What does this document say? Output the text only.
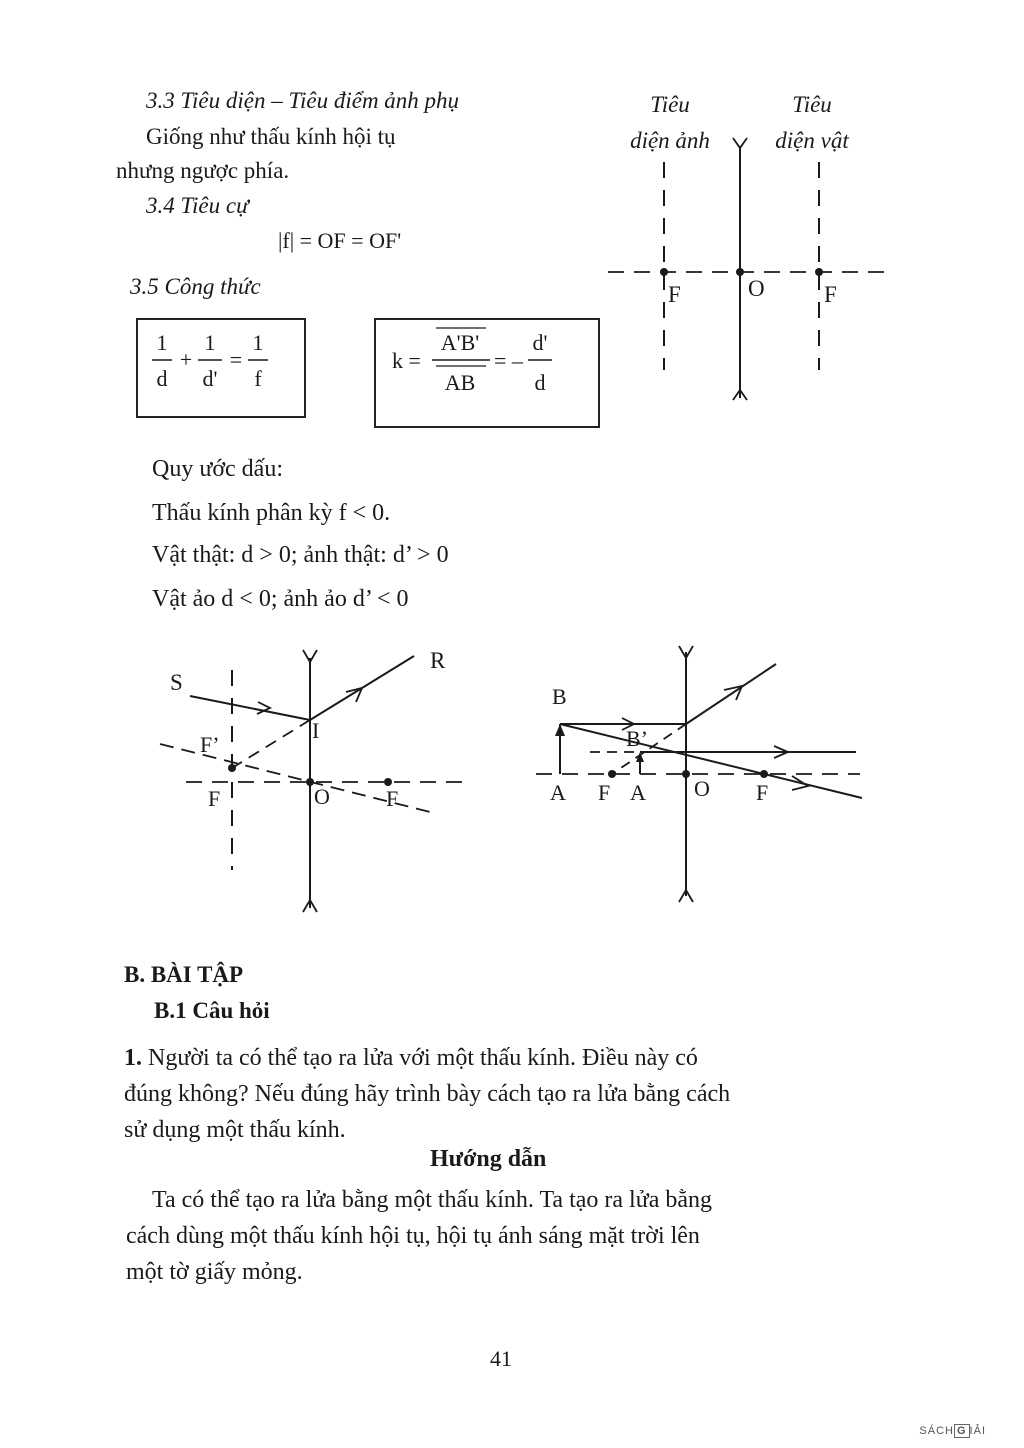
3.3 Tiêu diện – Tiêu điểm ảnh phụ
Giống như thấu kính hội tụ
nhưng ngược phía.
3.4 Tiêu cự
|f| = OF = OF'
3.5 Công thức
1
d
+
1
d'
=
1
f
k =
A'B'
AB
= –
d'
d
Tiêu
diện ảnh
Tiêu
diện vật
F	O	F
Quy ước dấu:
Thấu kính phân kỳ f < 0.
Vật thật: d > 0; ảnh thật: d’ > 0
Vật ảo d < 0; ảnh ảo d’ < 0
S
R
F’
I
F	O	F
B
B’
A F A O F
B. BÀI TẬP
B.1 Câu hỏi
1. Người ta có thể tạo ra lửa với một thấu kính. Điều này có
đúng không? Nếu đúng hãy trình bày cách tạo ra lửa bằng cách
sử dụng một thấu kính.
Hướng dẫn
Ta có thể tạo ra lửa bằng một thấu kính. Ta tạo ra lửa bằng
cách dùng một thấu kính hội tụ, hội tụ ánh sáng mặt trời lên
một tờ giấy mỏng.
41
SÁCH G IẢI
